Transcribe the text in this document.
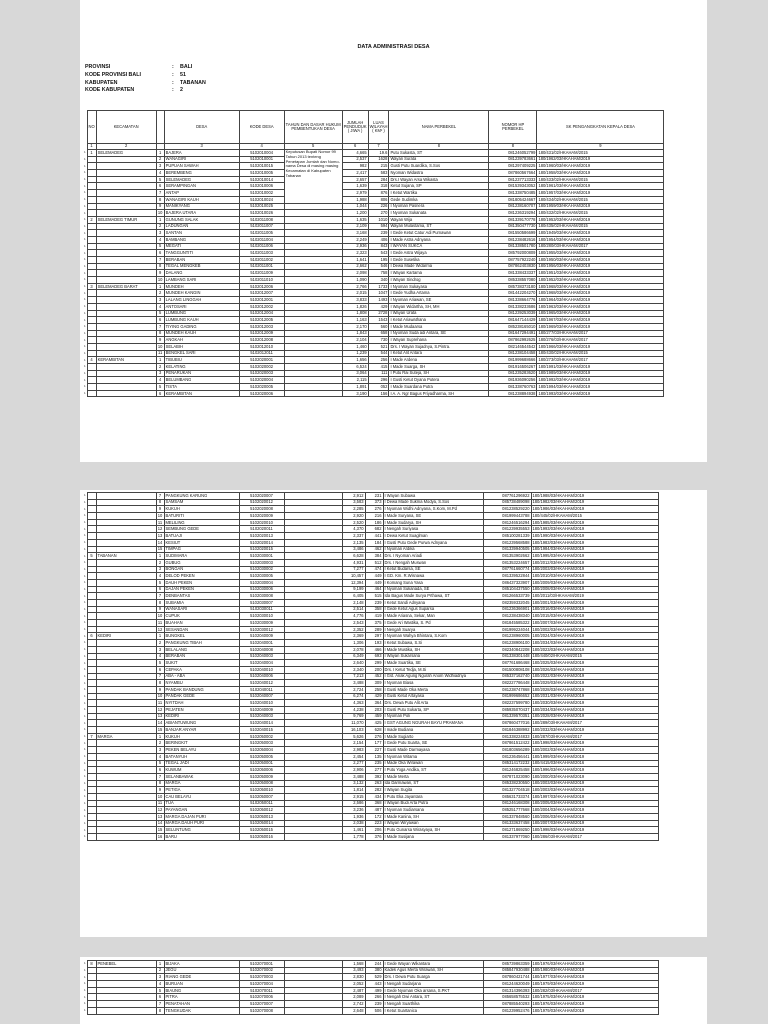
DATA ADMINISTRASI DESA
PROVINSI	: BALI
KODE PROVINSI BALI	: 51
KABUPATEN	: TABANAN
KODE KABUPATEN	: 2
	NO	KECAMATAN		DESA	KODE DESA	TAHUN DAN DASAR HUKUM PEMBENTUKAN DESA	JUMLAH PENDUDUK ( JIWA )	LUAS WILAYAH ( KM² )	NAMA PERBEKEL	NOMOR HP PERBEKEL	SK PENGANGKATAN KEPALA DESA
	1	2		3	4	5	6	7	8	8	9
1	1	SELEMADEG	1	BAJERA	5102010004	Keputusan Bupati Nomor 99 Tahun 2013 tenteng Penetapan Jumlah dan Nomo- nama Desa di masing masing Kecamatan di Kabupaten Tabanan	4,665	19.6	Putu Sukasta, ST	081246052799	180/431/02/HKAHAM/2015
1			2	WANAGIRI	5102010001		2,537	1628	Wayan Surata	081239783661	180/1962/03/HKAHAM/2019
1			3	PUPUAN SAWAH	5102010015		982	215	Gusti Putu Suardika, S.Sos	081297409225	180/1960/03/HKAHAM/2019
1			4	BEREMBENG	5102010005		2,417	583	Nyoman Widastra	087860567664	180/1958/03/HKAHAM/2019
1			5	SELEMADEG	5102010014		2,657	284	Drs.I Wayan Arsa Wikasta	081237713333	180/433/02/HKAHAM/2015
1			6	SERAMPINGAN	5102010006		1,639	318	Ketut Sujana, SP	081539343052	180/1961/03/HKAHAM/2019
1			7	ANTAP	5102010002		2,979	876	I Ketut Wartika	081338750485	180/1957/03/HKAHAM/2019
1			8	WANAGIRI KAUH	5102010024		1,988	806	Gede Sudimka	081805424667	180/434/02/HKAHAM/2015
1			9	MANIKYANG	5102010025		1,044	226	I Nyoman Pasnera	081238160707	180/1959/03/HKAHAM/2019
1			10	BAJERA UTARA	5102010026		1,200	270	I Nyoman Sukanata	081236319294	180/432/02/HKAHAM/2015
1	2	SELEMADEG TIMUR	1	GUNUNG SALAK	5102011008		1,635	1010	Wayan Wija	081339170778	180/1953/03/HKAHAM/2019
1			2	LADUNGAN	5102011007		2,109	594	Wayan Mulastama, ST	081350477730	180/435/02/HKAHAM/2015
1			3	SANTAN	5102011005		3,168	239	I Gede Ketut Catur Adi Purnawan	081550586699	180/1949/03/HKAHAM/2019
1			4	BAMBANG	5102011004		2,249	406	I Made Astra Adnyana	081238482616	180/1954/03/HKAHAM/2019
1			5	MEGATI	5102011006		2,936	843	I WAYAN SUKCA	081338501780	180/280/03/HKAHAM/2017
1			6	TANGGUNTITI	5102011003		2,323	543	I Gede Astra Wijaya	085792000809	180/1955/03/HKAHAM/2019
1			7	BERABAN	5102011002		1,641	195	I Gede Susetika	087757922240	180/1950/03/HKAHAM/2019
1			8	TEGAL MENGKEB	5102011001		2,662	546	I Dewa Made Widarma	087862403830	180/1956/03/HKAHAM/2019
1			9	DALANG	5102011009		2,098	758	I Wayan Kartama	081338433337	180/1951/03/HKAHAM/2019
1			10	LAMBANG SARI	5102011010		1,090	340	I Wayan Sindrog	085338557080	180/1952/03/HKAHAM/2019
1	3	SELEMADEG BARAT	1	MUNDEH	5102012006		2,766	1733	I Nyoman Sukayasa	085738373180	180/1968/03/HKAHAM/2019
1			2	MUNDEH KANGIN	5102012007		2,015	1047	I Gede Yudha Artama	081442204270	180/1968/03/HKAHAM/2019
1			3	LALANG LINGGAH	5102012001		3,833	1493	I Nyoman Ariawan, SE	081338664776	180/1964/03/HKAHAM/2019
1			4	ANTOSARI	5102012002		1,826	429	I Wayan Widartha, SH, MH	081338233686	180/1963/03/HKAHAM/2019
1			5	LUMBUNG	5102012004		1,808	2728	I Wayan Urata	081239253039	180/1965/03/HKAHAM/2019
1			6	LUMBUNG KAUH	5102012005		1,163	1543	I Ketut Ariawathana	081647144429	180/1967/03/HKAHAM/2019
1			7	TIYING GADING	5102012003		2,170	560	I Made Mudaarsa	085238165010	180/1969/03/HKAHAM/2019
1			8	MUNDEH KAUH	5102012009		1,843	658	I Nyoman Suda adi Antara, SE	081647294491	180/277/03/HKAHAM/2017
1			9	ANGKAH	5102012008		2,104	730	I Wayan Suprehana	087862992625	180/276/03/HKAHAM/2017
1			10	SELABIH	5102012010		1,460	521	Drs. I Wayan Sujadnya, S.Pintra.	082146544542	180/1966/03/HKAHAM/2019
1			11	BENGKEL SARI	5102012011		1,239	544	I Ketut Alit Antara	081238104458	180/430/02/HKAHAM/2015
1	4	KERAMBITAN	1	TIBUBIU	5102020001		1,656	256	I Made Ardena	081999688666	180/273/03/HKAHAM/2017
1			2	KELATING	5102020002		6,524	415	I Made Suarga, SH	081916506267	180/1991/03/HKAHAM/2019
1			3	PENARUKAN	5102020003		3,064	111	I Putu Rai Suteja, SH	081235283620	180/1989/03/HKAHAM/2019
1			4	BELUMBANG	5102020004		2,115	296	I Gusti Ketut Dyana Putera	081936090256	180/1992/03/HKAHAM/2019
1			5	TISTA	5102020005		1,891	052	I Made Suardana Putra	081338760763	180/1994/03/HKAHAM/2019
1			6	KERAMBITAN	5102020006		3,190	156	I A. A. Ngr Bagus Priyadharma, SH	081238894938	180/1993/03/HKAHAM/2019
1			7	PANGKUNG KARUNG	5102020007		2,912	231	I Wayan Subawa	087761296922	180/1988/03/HKAHAM/2019
1			8	SAMSAM	5102020012		3,583	373	I Dewa Made Sukma Modya, S.Sos	085738489098	180/1982/03/HKAHAM/2019
1			9	KUKUH	5102020008		2,285	276	I Nyoman Widhi Adnyana, S.Kom, M.Pd	081238529220	180/1986/03/HKAHAM/2019
1			10	BATURITI	5102020009		2,920	216	I Made Suryana, SE	081999443788	180/445/02/HKAHAM/2015
1			11	MELILING	5102020010		2,520	186	I Made Sudarya, SH	081246516294	180/1985/03/HKAHAM/2019
1			12	SEMBUNG GEDE	5102020011		4,370	682	I Nengah Suriyasa	081239935553	180/1993/03/HKAHAM/2019
1			13	BATUAJI	5102020013		2,337	441	I Dewa Ketut Suaglman	085100281339	180/1990/03/HKAHAM/2019
1			14	KESIUT	5102020014		2,135	184	I Gusti Putu Gede Purwa Adnyana	081239568588	180/1983/03/HKAHAM/2019
1			15	TIMPAG	5102020015		3,486	462	I Nyoman Ardika	081339940505	180/1984/03/HKAHAM/2019
1	5	TABANAN	1	SUDIMARA	5102030001		6,628	384	Drs. I Nyoman Ariadi	081353902662	180/1995/03/HKAHAM/2019
1			2	GUBUG	5102030003		4,931	512	Drs. I Nengah Muswan	081353224657	180/2012/03/HKAHAM/2019
1			3	BONGAN	5102030002		7,277	474	I Ketut Budarsa, SE	087761660774	180/2003/03/HKAHAM/2019
1			4	DELOD PEKEN	5102030005		10,457	449	I GD. Km. R.Wisnawa	081339522844	180/2010/03/HKAHAM/2019
1			5	DAUH PEKEN	5102030004		12,394	449	I Komang Suna Yasa	086437323907	180/2009/03/HKAHAM/2019
1			6	DAJAN PEKEN	5102030006		9,199	464	I Nyoman Sukanada, SE	085104437550	180/2008/03/HKAHAM/2019
1			7	DENBANTAS	5102030008		6,405	515	Ida Bagus Made Surya Prthawa, ST	081266533739	180/2011/03/HKAHAM/2019
1			8	SUBAMIA	5102030007		2,148	239	I Ketut Sandi Adnyana	082359332045	180/2001/03/HKAHAM/2019
1			9	WANASARI	5102030011		2,514	358	I Gede Ketut Agus Suparsa	081236366901	180/2016/03/HKAHAM/2019
1			10	CUPUK	5102030010		4,776	419	I Made Ariasna, Sekar, Man	081238438340	180/2015/03/HKAHAM/2019
1			11	BUAHAN	5102030009		2,543	375	I Gede Ari Wastika, S. Pd	081845585322	180/2007/03/HKAHAM/2019
1			12	SESANDAN	5102030012		2,352	289	I Nengah Suarya	081999224044	180/2002/03/HKAHAM/2019
1	6	KEDIRI	1	BUNGKEL	5102040009		2,369	297	I Nyoman Wahya Bhintara, S.Kom	081238960005	180/2024/03/HKAHAM/2019
1			2	PANGKUNG TIBAH	5102040001		1,306	193	I Ketut Subawa, S.Si	081238906100	180/2034/03/HKAHAM/2019
1			3	BELALANG	5102040008		2,078	466	I Made Mustika, SH	082340842208	180/2023/03/HKAHAM/2019
1			4	BERABAN	5102040003		6,349	693	I Wayan Sukarsana	081338301448	180/440/02/HKAHAM/2015
1			5	SUKIT	5102040004		2,640	299	I Made Suartika, SE	087761686468	180/2025/03/HKAHAM/2019
1			6	CEPAKA	5102040010		2,340	200	Drs. I Ketut Tedja, M.Si	081500808108	180/2026/03/HKAHAM/2019
1			7	ABA - ABA	5102040006		7,213	452	I Gst. Anak Agung Ngurah Anom Widhiadnya	085337162740	180/2022/03/HKAHAM/2019
1			8	NYAMBU	5102040012		3,488	309	I Nyoman Biasa	082227786448	180/2029/03/HKAHAM/2019
1			9	PANDAK BANDUNG	5102040011		2,724	258	I Gusti Made Oka Merta	081238747868	180/2028/03/HKAHAM/2019
1			10	PANDAK GEDE	5102040007		6,274	429	I Gusti Ketut Artayasa	081999686652	180/2031/03/HKAHAM/2019
1			11	NYITDAH	5102040010		4,363	364	Drs. Dewa Putu Alit Arta	082237599780	180/2030/03/HKAHAM/2019
1			12	PEJATEN	5102040009		4,238	203	I Gusti Putu Sukarta, SP	085935070437	180/2034/03/HKAHAM/2019
1			13	KEDIRI	5102040003		9,769	459	I Nyoman Poli	081339570351	180/2028/03/HKAHAM/2019
1			14	ABIANTUWUNG	5102040014		11,070	425	I GST AGUNG NGURAH BAYU PRAMANA	087860477016	180/289/03/HKAHAM/2017
1			15	BANJAR ANYAR	5102040015		16,103	628	I made Budiana	081846388992	180/2032/03/HKAHAM/2019
1	7	MARGA	1	KUKUH	5102050002		5,626	276	I Made Sugiarto	081338224833	180/287/03/HKAHAM/2017
1			2	BERINGKIT	5102050003		2,154	177	I Gede Putu Suarta, SE	087861512422	180/1998/03/HKAHAM/2019
1			3	PEKEN BELAYU	5102050004		2,983	227	I Gusti Made Darmayasa	081803656289	180/2002/03/HKAHAM/2019
1			4	BATANYUH	5102050005		2,454	135	I Nyoman Witama	081236456441	180/1999/03/HKAHAM/2019
1			5	TEGAL JADI	5102050001		2,277	235	I Made Oka Wirawan	085314172232	180/4415/03/HKAHAM/2016
1			6	KUWUM	5102050006		2,906	277	I Putu Yoga Andika, ST	081246825458	180/1996/03/HKAHAM/2019
1			7	SELANBAWAK	5102050009		3,488	392	I Made Merta	087871023090	180/2000/03/HKAHAM/2019
1			8	MARGA	5102050008		3,132	263	Ida Darmawan, ST	085338230550	180/2003/03/HKAHAM/2019
1			9	PETIGA	5102050010		1,814	282	I Wayan Sugita	081327704518	180/2003/03/HKAHAM/2019
1			10	CAU BELAYU	5102050007		2,915	434	I Putu Eka Jayantara	085631733374	180/1997/03/HKAHAM/2019
1			11	TUA	5102050011		2,586	368	I Wayan Budi Arta Putra	081246168308	180/2005/03/HKAHAM/2019
1			12	PAYANGAN	5102050012		3,236	487	I Nyoman Sudiarsana	085251777668	180/2004/03/HKAHAM/2019
1			13	MARGA DAJAN PURI	5102050013		1,936	172	I Made Kanina, SH	081337848560	180/2006/03/HKAHAM/2019
1			14	MARGA DAUH PURI	5102050014		2,038	223	I Wayan Wiryawan	081333637458	180/2007/03/HKAHAM/2019
1			15	SELUNTUNG	5102050015		1,461	206	I Putu Gunarsa Wirasyaya, SH	081271869250	180/1998/03/HKAHAM/2019
1			16	BARU	5102050016		1,778	376	I Made Susijana	081337977060	180/286/03/HKAHAM/2017
1	8	PENEBEL	1	BIJAKA	5102070001		1,568	244	I Gede Wayan Wikantara	085739863359	180/1976/03/HKAHAM/2019
1			2	JEGU	5102070002		3,493	380	Kadek Agus Merta Wirawan, SH	085847930488	180/1980/03/HKAHAM/2019
1			3	RIANG GEDE	5102070003		2,830	529	Drs. I Dewa Putu Suarga	087860421744	180/1977/03/HKAHAM/2019
1			4	BURUAN	5102070004		2,052	443	I Nengah Sudarjana	081244620049	180/1979/03/HKAHAM/2019
1			5	BIAUNG	5102070011		2,487	499	I Gede Nyoman Oka arsana, S.PKT	081314396393	180/282/03/HKAHAM/2017
1			6	PITRA	5102070006		2,089	266	I Nengah Dwi Antara, ST	085658575532	180/1975/03/HKAHAM/2019
1			7	PENATAHAN	5102070007		2,742	239	I Nengah Suarthika	087885540293	180/1976/03/HKAHAM/2019
1			8	TENGKUDAK	5102070008		2,648	506	I Ketut Suartanica	081239952476	180/1979/03/HKAHAM/2019
